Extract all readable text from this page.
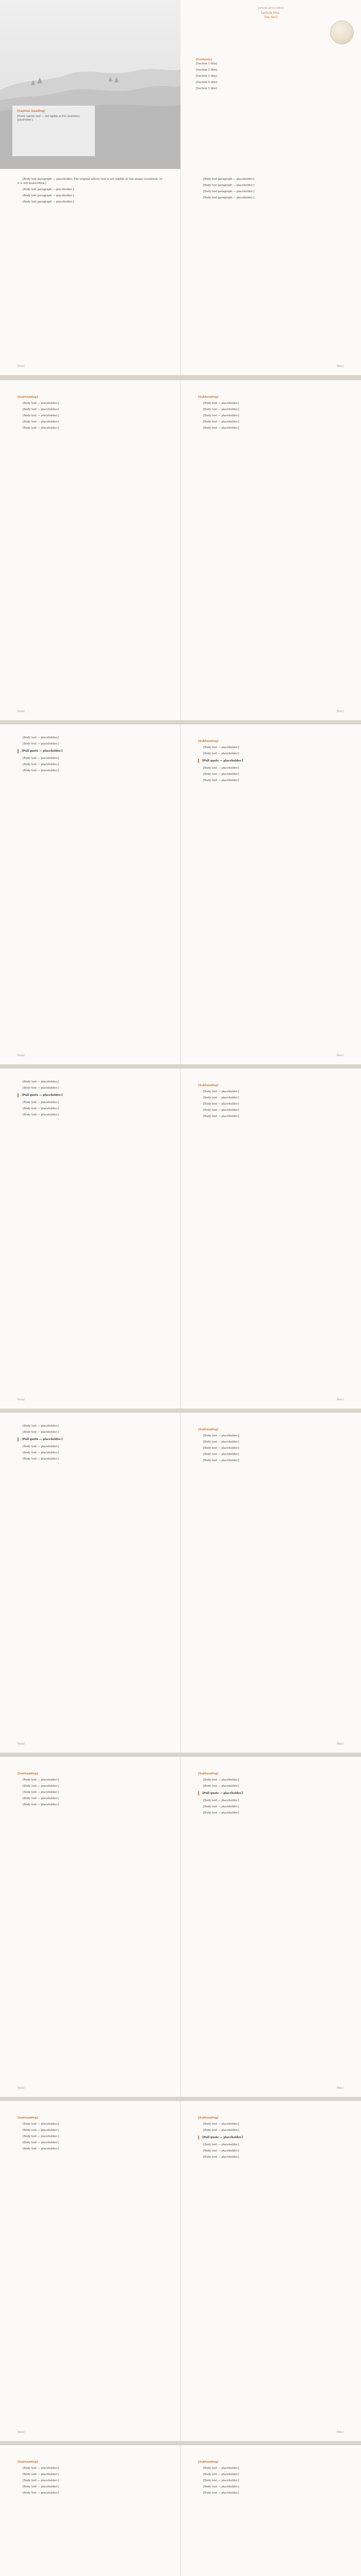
[Caption heading]
[Photo caption text — not legible at this resolution; placeholder.]
[article series label]
[article title,
line two]
[Contents]
[Section 1 title]
[Section 2 title]
[Section 3 title]
[Section 4 title]
[Section 5 title]

[Body text paragraph — placeholder. The original article text is not legible at this image resolution, so it is not transcribed.]

[Body text paragraph — placeholder.]

[Body text paragraph — placeholder.]

[Body text paragraph — placeholder.]

[folio]

[Body text paragraph — placeholder.]

[Body text paragraph — placeholder.]

[Body text paragraph — placeholder.]

[Body text paragraph — placeholder.]

[folio]
[Subheading]

[Body text — placeholder.]

[Body text — placeholder.]

[Body text — placeholder.]

[Body text — placeholder.]

[Body text — placeholder.]

[folio]
[Subheading]

[Body text — placeholder.]

[Body text — placeholder.]

[Body text — placeholder.]

[Body text — placeholder.]

[Body text — placeholder.]

[folio]

[Body text — placeholder.]

[Body text — placeholder.]

[Pull quote — placeholder.]

[Body text — placeholder.]

[Body text — placeholder.]

[Body text — placeholder.]

[folio]
[Subheading]

[Body text — placeholder.]

[Body text — placeholder.]

[Pull quote — placeholder.]

[Body text — placeholder.]

[Body text — placeholder.]

[Body text — placeholder.]

[folio]

[Body text — placeholder.]

[Body text — placeholder.]

[Pull quote — placeholder.]

[Body text — placeholder.]

[Body text — placeholder.]

[Body text — placeholder.]

[folio]
[Subheading]

[Body text — placeholder.]

[Body text — placeholder.]

[Body text — placeholder.]

[Body text — placeholder.]

[Body text — placeholder.]

[folio]

[Body text — placeholder.]

[Body text — placeholder.]

[Pull quote — placeholder.]

[Body text — placeholder.]

[Body text — placeholder.]

[Body text — placeholder.]

[folio]
[Subheading]

[Body text — placeholder.]

[Body text — placeholder.]

[Body text — placeholder.]

[Body text — placeholder.]

[Body text — placeholder.]

[folio]
[Subheading]

[Body text — placeholder.]

[Body text — placeholder.]

[Body text — placeholder.]

[Body text — placeholder.]

[Body text — placeholder.]

[folio]
[Subheading]

[Body text — placeholder.]

[Body text — placeholder.]

[Pull quote — placeholder.]

[Body text — placeholder.]

[Body text — placeholder.]

[Body text — placeholder.]

[folio]
[Subheading]

[Body text — placeholder.]

[Body text — placeholder.]

[Body text — placeholder.]

[Body text — placeholder.]

[Body text — placeholder.]

[folio]
[Subheading]

[Body text — placeholder.]

[Body text — placeholder.]

[Pull quote — placeholder.]

[Body text — placeholder.]

[Body text — placeholder.]

[Body text — placeholder.]

[folio]
[Subheading]

[Body text — placeholder.]

[Body text — placeholder.]

[Body text — placeholder.]

[Body text — placeholder.]

[Body text — placeholder.]

[Subheading]

[Body text — placeholder.]

[Body text — placeholder.]

[Body text — placeholder.]

[Body text — placeholder.]

[Body text — placeholder.]
